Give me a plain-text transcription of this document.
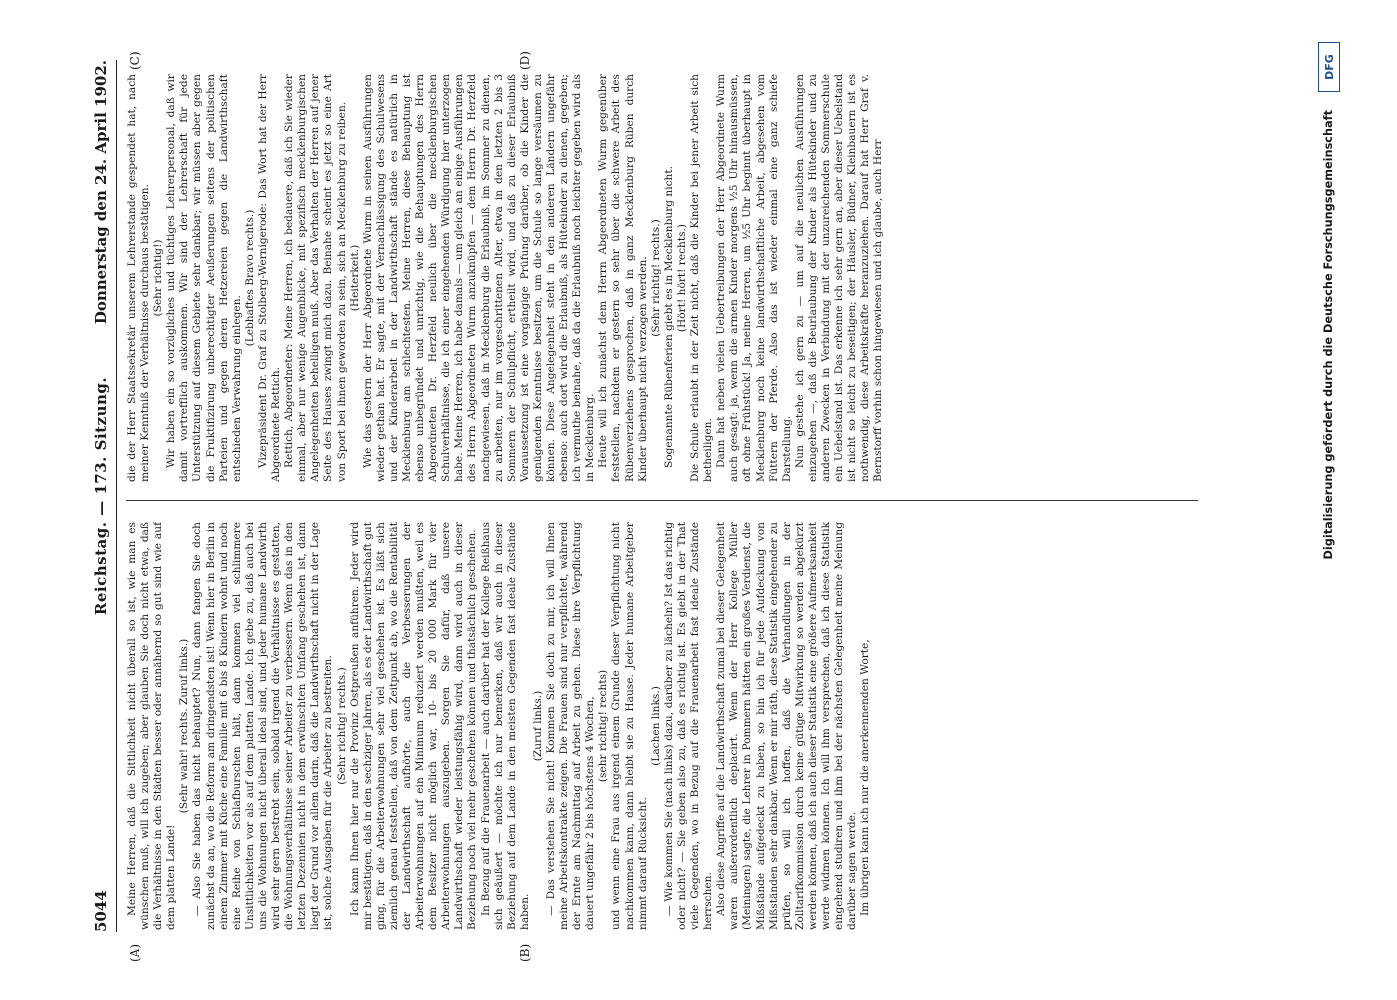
5044
Reichstag. — 173. Sitzung.
Donnerstag den 24. April 1902.
(A)	(B)
(C)	(D)

Meine Herren, daß die Sittlichkeit nicht überall so ist, wie man es wünschen muß, will ich zugeben; aber glauben Sie doch nicht etwa, daß die Verhältnisse in den Städten besser oder annähernd so gut sind wie auf dem platten Lande!

(Sehr wahr! rechts. Zuruf links.) — Also Sie haben das nicht behauptet? Nun, dann fangen Sie doch zunächst da an, wo die Reform am dringendsten ist! Wenn hier in Berlin in einem Zimmer mit Küche eine Familie mit 6 bis 8 Kindern wohnt und noch eine Reihe von Schlafburschen hält, dann kommen viel schlimmere Unsittlichkeiten vor als auf dem platten Lande. Ich gebe zu, daß auch bei uns die Wohnungen nicht überall ideal sind, und jeder humane Landwirth wird sehr gern bestrebt sein, sobald irgend die Verhältnisse es gestatten, die Wohnungsverhältnisse seiner Arbeiter zu verbessern. Wenn das in den letzten Dezennien nicht in dem erwünschten Umfang geschehen ist, dann liegt der Grund vor allem darin, daß die Landwirthschaft nicht in der Lage ist, solche Ausgaben für die Arbeiter zu bestreiten. (Sehr richtig! rechts.) Ich kann Ihnen hier nur die Provinz Ostpreußen anführen. Jeder wird mir bestätigen, daß in den sechziger Jahren, als es der Landwirthschaft gut ging, für die Arbeiterwohnungen sehr viel geschehen ist. Es läßt sich ziemlich genau feststellen, daß von dem Zeitpunkt ab, wo die Rentabilität der Landwirthschaft aufhörte, auch die Verbesserungen der Arbeiterwohnungen auf ein Minimum reduziert werden mußten, weil es dem Besitzer nicht möglich war, 10- bis 20 000 Mark für vier Arbeiterwohnungen auszugeben. Sorgen Sie dafür, daß unsere Landwirthschaft wieder leistungsfähig wird, dann wird auch in dieser Beziehung noch viel mehr geschehen können und thatsächlich geschehen. In Bezug auf die Frauenarbeit — auch darüber hat der Kollege Reißhaus sich geäußert — möchte ich nur bemerken, daß wir auch in dieser Beziehung auf dem Lande in den meisten Gegenden fast ideale Zustände haben.

(Zuruf links.) — Das verstehen Sie nicht! Kommen Sie doch zu mir, ich will Ihnen meine Arbeitskontrakte zeigen. Die Frauen sind nur verpflichtet, während der Ernte am Nachmittag auf Arbeit zu gehen. Diese ihre Verpflichtung dauert ungefähr 2 bis höchstens 4 Wochen, (sehr richtig! rechts) und wenn eine Frau aus irgend einem Grunde dieser Verpflichtung nicht nachkommen kann, dann bleibt sie zu Hause. Jeder humane Arbeitgeber nimmt darauf Rücksicht.

(Lachen links.) — Wie kommen Sie (nach links) dazu, darüber zu lächeln? Ist das richtig oder nicht? — Sie geben also zu, daß es richtig ist. Es giebt in der That viele Gegenden, wo in Bezug auf die Frauenarbeit fast ideale Zustände herrschen. Also diese Angriffe auf die Landwirthschaft zumal bei dieser Gelegenheit waren außerordentlich deplacirt. Wenn der Herr Kollege Müller (Meiningen) sagte, die Lehrer in Pommern hätten ein großes Verdienst, die Mißstände aufgedeckt zu haben, so bin ich für jede Aufdeckung von Mißständen sehr dankbar. Wenn er mir räth, diese Statistik eingehender zu prüfen, so will ich hoffen, daß die Verhandlungen in der Zolltarifkommission durch keine gütige Mitwirkung so werden abgekürzt werden können, daß ich auch dieser Statistik eine größere Aufmerksamkeit werde widmen können. Ich will ihm versprechen, daß ich diese Statistik eingehend studiren und ihm bei der nächsten Gelegenheit meine Meinung darüber sagen werde. Im übrigen kann ich nur die anerkennenden Worte,

die der Herr Staatssekretär unserem Lehrerstande gespendet hat, nach meiner Kenntniß der Verhältnisse durchaus bestätigen. (Sehr richtig!) Wir haben ein so vorzügliches und tüchtiges Lehrerpersonal, daß wir damit vortrefflich auskommen. Wir sind der Lehrerschaft für jede Unterstützung auf diesem Gebiete sehr dankbar; wir müssen aber gegen die Fruktifizirung unberechtigter Aeußerungen seitens der politischen Parteien und gegen deren Hetzereien gegen die Landwirthschaft entschieden Verwahrung einlegen.

(Lebhaftes Bravo rechts.) Vizepräsident Dr. Graf zu Stolberg-Wernigerode: Das Wort hat der Herr Abgeordnete Rettich. Rettich, Abgeordneter: Meine Herren, ich bedauere, daß ich Sie wieder einmal, aber nur wenige Augenblicke, mit spezifisch mecklenburgischen Angelegenheiten behelligen muß. Aber das Verhalten der Herren auf jener Seite des Hauses zwingt mich dazu. Beinahe scheint es jetzt so eine Art von Sport bei ihnen geworden zu sein, sich an Mecklenburg zu reiben. (Heiterkeit.) Wie das gestern der Herr Abgeordnete Wurm in seinen Ausführungen wieder gethan hat. Er sagte, mit der Vernachlässigung des Schulwesens und der Kinderarbeit in der Landwirthschaft stände es natürlich in Mecklenburg am schlechtesten. Meine Herren, diese Behauptung ist ebenso unbegründet und unrichtig, wie die Behauptungen des Herrn Abgeordneten Dr. Herzfeld neulich über die mecklenburgischen Schulverhältnisse, die ich einer eingehenden Würdigung hier unterzogen habe. Meine Herren, ich habe damals — um gleich an einige Ausführungen des Herrn Abgeordneten Wurm anzuknüpfen — dem Herrn Dr. Herzfeld nachgewiesen, daß in Mecklenburg die Erlaubniß, im Sommer zu dienen, zu arbeiten, nur im vorgeschrittenen Alter, etwa in den letzten 2 bis 3 Sommern der Schulpflicht, ertheilt wird, und daß zu dieser Erlaubniß Voraussetzung ist eine vorgängige Prüfung darüber, ob die Kinder die genügenden Kenntnisse besitzen, um die Schule so lange versäumen zu können. Diese Angelegenheit steht in den anderen Ländern ungefähr ebenso: auch dort wird die Erlaubniß, als Hütekinder zu dienen, gegeben; ich vermuthe beinahe, daß da die Erlaubniß noch leichter gegeben wird als in Mecklenburg. Heute will ich zunächst dem Herrn Abgeordneten Wurm gegenüber feststellen, nachdem er gestern so sehr über die schwere Arbeit des Rübenverziehens gesprochen, daß in ganz Mecklenburg Rüben durch Kinder überhaupt nicht verzogen werden. (Sehr richtig! rechts.) Sogenannte Rübenferien giebt es in Mecklenburg nicht. (Hört! hört! rechts.) Die Schule erlaubt in der Zeit nicht, daß die Kinder bei jener Arbeit sich betheiligen. Dann hat neben vielen Uebertreibungen der Herr Abgeordnete Wurm auch gesagt: ja, wenn die armen Kinder morgens ½5 Uhr hinausmüssen, oft ohne Frühstück! Ja, meine Herren, um ½5 Uhr beginnt überhaupt in Mecklenburg noch keine landwirthschaftliche Arbeit, abgesehen vom Füttern der Pferde. Also das ist wieder einmal eine ganz schiefe Darstellung. Nun gestehe ich gern zu — um auf die neulichen Ausführungen einzugehen —, daß die Beurlaubung der Kinder als Hütekinder und zu anderen Zwecken in Verbindung mit der unzureichenden Sommerschule ein Uebelstand ist. Das erkenne ich sehr gern an, aber dieser Uebelstand ist nicht so leicht zu beseitigen; der Häusler, Büdner, Kleinbauern ist es nothwendig, diese Arbeitskräfte heranzuziehen. Darauf hat Herr Graf v. Bernstorff vorhin schon hingewiesen und ich glaube, auch Herr	Digitalisierung gefördert durch die Deutsche Forschungsgemeinschaft
DFG
